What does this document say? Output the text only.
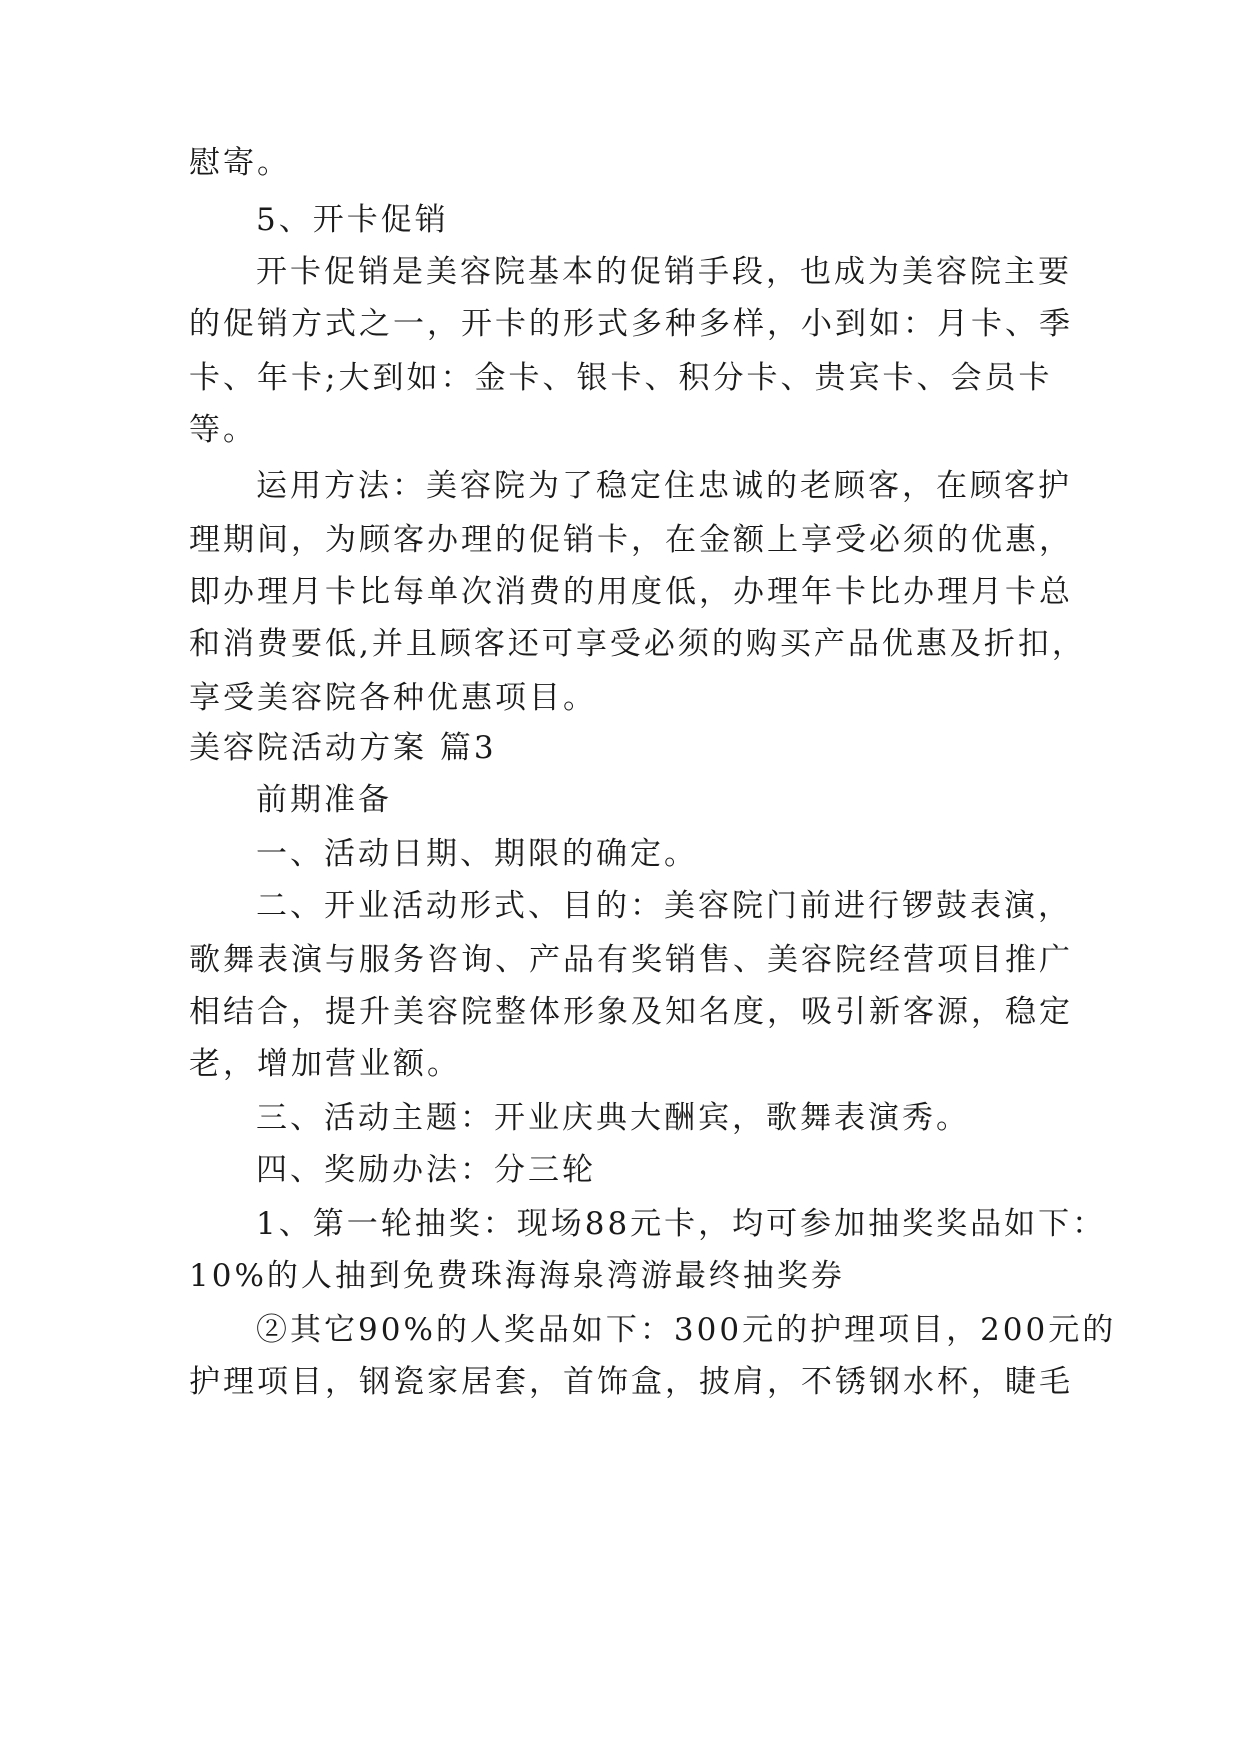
慰寄。
5、开卡促销
开卡促销是美容院基本的促销手段，也成为美容院主要
的促销方式之一，开卡的形式多种多样，小到如：月卡、季
卡、年卡;大到如：金卡、银卡、积分卡、贵宾卡、会员卡
等。
运用方法：美容院为了稳定住忠诚的老顾客，在顾客护
理期间，为顾客办理的促销卡，在金额上享受必须的优惠，
即办理月卡比每单次消费的用度低，办理年卡比办理月卡总
和消费要低,并且顾客还可享受必须的购买产品优惠及折扣，
享受美容院各种优惠项目。
美容院活动方案 篇3
前期准备
一、活动日期、期限的确定。
二、开业活动形式、目的：美容院门前进行锣鼓表演，
歌舞表演与服务咨询、产品有奖销售、美容院经营项目推广
相结合，提升美容院整体形象及知名度，吸引新客源，稳定
老，增加营业额。
三、活动主题：开业庆典大酬宾，歌舞表演秀。
四、奖励办法：分三轮
1、第一轮抽奖：现场88元卡，均可参加抽奖奖品如下：
10%的人抽到免费珠海海泉湾游最终抽奖券
②其它90%的人奖品如下：300元的护理项目，200元的
护理项目，钢瓷家居套，首饰盒，披肩，不锈钢水杯，睫毛
